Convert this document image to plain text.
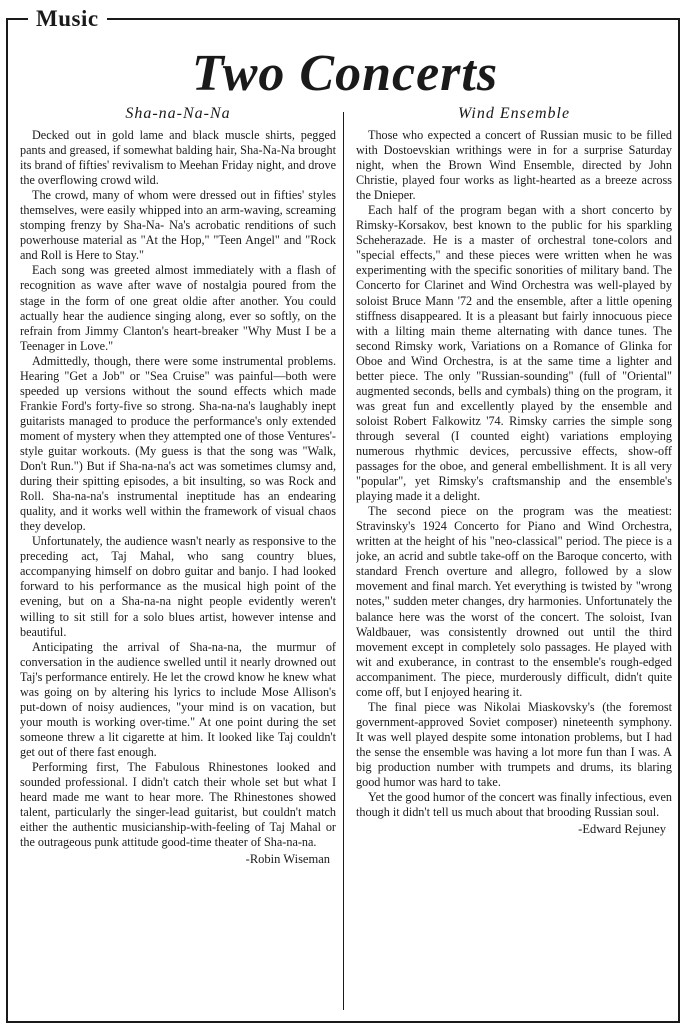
Music
Two Concerts
Sha-na-Na-Na

Decked out in gold lame and black muscle shirts, pegged pants and greased, if somewhat balding hair, Sha-Na-Na brought its brand of fifties' revivalism to Meehan Friday night, and drove the overflowing crowd wild.

The crowd, many of whom were dressed out in fifties' styles themselves, were easily whipped into an arm-waving, screaming stomping frenzy by Sha-Na- Na's acrobatic renditions of such powerhouse material as "At the Hop," "Teen Angel" and "Rock and Roll is Here to Stay."

Each song was greeted almost immediately with a flash of recognition as wave after wave of nostalgia poured from the stage in the form of one great oldie after another. You could actually hear the audience singing along, ever so softly, on the refrain from Jimmy Clanton's heart-breaker "Why Must I be a Teenager in Love."

Admittedly, though, there were some instrumental problems. Hearing "Get a Job" or "Sea Cruise" was painful—both were speeded up versions without the sound effects which made Frankie Ford's forty-five so strong. Sha-na-na's laughably inept guitarists managed to produce the performance's only extended moment of mystery when they attempted one of those Ventures'-style guitar workouts. (My guess is that the song was "Walk, Don't Run.") But if Sha-na-na's act was sometimes clumsy and, during their spitting episodes, a bit insulting, so was Rock and Roll. Sha-na-na's instrumental ineptitude has an endearing quality, and it works well within the framework of visual chaos they develop.

Unfortunately, the audience wasn't nearly as responsive to the preceding act, Taj Mahal, who sang country blues, accompanying himself on dobro guitar and banjo. I had looked forward to his performance as the musical high point of the evening, but on a Sha-na-na night people evidently weren't willing to sit still for a solo blues artist, however intense and beautiful.

Anticipating the arrival of Sha-na-na, the murmur of conversation in the audience swelled until it nearly drowned out Taj's performance entirely. He let the crowd know he knew what was going on by altering his lyrics to include Mose Allison's put-down of noisy audiences, "your mind is on vacation, but your mouth is working over-time." At one point during the set someone threw a lit cigarette at him. It looked like Taj couldn't get out of there fast enough.

Performing first, The Fabulous Rhinestones looked and sounded professional. I didn't catch their whole set but what I heard made me want to hear more. The Rhinestones showed talent, particularly the singer-lead guitarist, but couldn't match either the authentic musicianship-with-feeling of Taj Mahal or the outrageous punk attitude good-time theater of Sha-na-na.

-Robin Wiseman
Wind Ensemble

Those who expected a concert of Russian music to be filled with Dostoevskian writhings were in for a surprise Saturday night, when the Brown Wind Ensemble, directed by John Christie, played four works as light-hearted as a breeze across the Dnieper.

Each half of the program began with a short concerto by Rimsky-Korsakov, best known to the public for his sparkling Scheherazade. He is a master of orchestral tone-colors and "special effects," and these pieces were written when he was experimenting with the specific sonorities of military band. The Concerto for Clarinet and Wind Orchestra was well-played by soloist Bruce Mann '72 and the ensemble, after a little opening stiffness disappeared. It is a pleasant but fairly innocuous piece with a lilting main theme alternating with dance tunes. The second Rimsky work, Variations on a Romance of Glinka for Oboe and Wind Orchestra, is at the same time a lighter and better piece. The only "Russian-sounding" (full of "Oriental" augmented seconds, bells and cymbals) thing on the program, it was great fun and excellently played by the ensemble and soloist Robert Falkowitz '74. Rimsky carries the simple song through several (I counted eight) variations employing numerous rhythmic devices, percussive effects, show-off passages for the oboe, and general embellishment. It is all very "popular", yet Rimsky's craftsmanship and the ensemble's playing made it a delight.

The second piece on the program was the meatiest: Stravinsky's 1924 Concerto for Piano and Wind Orchestra, written at the height of his "neo-classical" period. The piece is a joke, an acrid and subtle take-off on the Baroque concerto, with standard French overture and allegro, followed by a slow movement and final march. Yet everything is twisted by "wrong notes," sudden meter changes, dry harmonies. Unfortunately the balance here was the worst of the concert. The soloist, Ivan Waldbauer, was consistently drowned out until the third movement except in completely solo passages. He played with wit and exuberance, in contrast to the ensemble's rough-edged accompaniment. The piece, murderously difficult, didn't quite come off, but I enjoyed hearing it.

The final piece was Nikolai Miaskovsky's (the foremost government-approved Soviet composer) nineteenth symphony. It was well played despite some intonation problems, but I had the sense the ensemble was having a lot more fun than I was. A big production number with trumpets and drums, its blaring good humor was hard to take.

Yet the good humor of the concert was finally infectious, even though it didn't tell us much about that brooding Russian soul.

-Edward Rejuney
